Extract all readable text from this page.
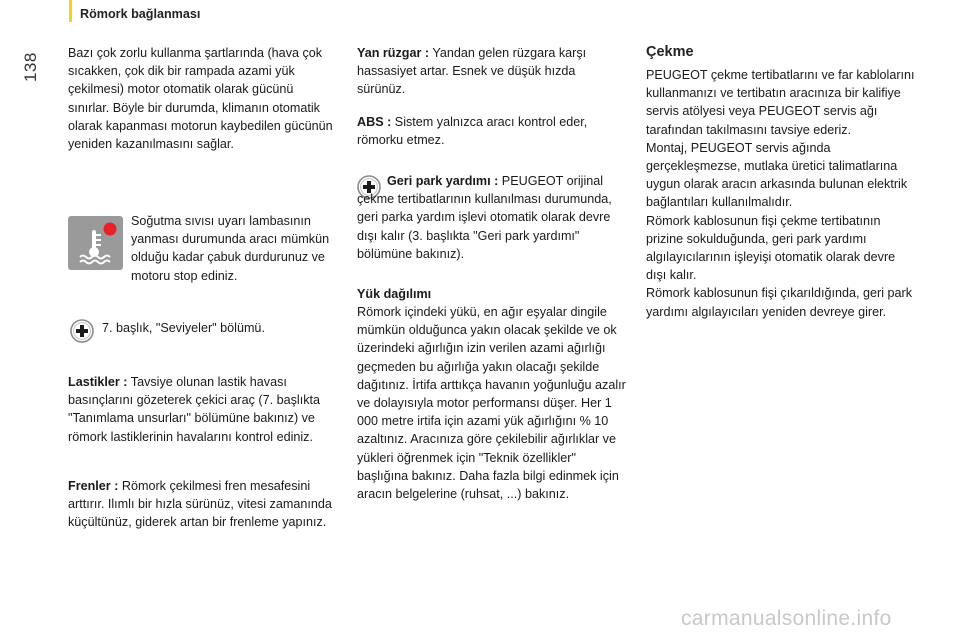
Römork bağlanması
138 Bazı çok zorlu kullanma şartlarında (hava çok sıcakken, çok dik bir rampada azami yük çekilmesi) motor otomatik olarak gücünü sınırlar. Böyle bir durumda, klimanın otomatik olarak kapanması motorun kaybedilen gücünün yeniden kazanılmasını sağlar.

Soğutma sıvısı uyarı lambasının yanması durumunda aracı mümkün olduğu kadar çabuk durdurunuz ve motoru stop ediniz.

7. başlık, "Seviyeler" bölümü.

Lastikler : Tavsiye olunan lastik havası basınçlarını gözeterek çekici araç (7. başlıkta "Tanımlama unsurları" bölümüne bakınız) ve römork lastiklerinin havalarını kontrol ediniz.

Frenler : Römork çekilmesi fren mesafesini arttırır. Ilımlı bir hızla sürünüz, vitesi zamanında küçültünüz, giderek artan bir frenleme yapınız.

Yan rüzgar : Yandan gelen rüzgara karşı hassasiyet artar. Esnek ve düşük hızda sürünüz.

ABS : Sistem yalnızca aracı kontrol eder, römorku etmez.

Geri park yardımı : PEUGEOT orijinal çekme tertibatlarının kullanılması durumunda, geri parka yardım işlevi otomatik olarak devre dışı kalır (3. başlıkta "Geri park yardımı" bölümüne bakınız).

Yük dağılımı

Römork içindeki yükü, en ağır eşyalar dingile mümkün olduğunca yakın olacak şekilde ve ok üzerindeki ağırlığın izin verilen azami ağırlığı geçmeden bu ağırlığa yakın olacağı şekilde dağıtınız. İrtifa arttıkça havanın yoğunluğu azalır ve dolayısıyla motor performansı düşer. Her 1 000 metre irtifa için azami yük ağırlığını % 10 azaltınız. Aracınıza göre çekilebilir ağırlıklar ve yükleri öğrenmek için "Teknik özellikler" başlığına bakınız. Daha fazla bilgi edinmek için aracın belgelerine (ruhsat, ...) bakınız.

Çekme

PEUGEOT çekme tertibatlarını ve far kablolarını kullanmanızı ve tertibatın aracınıza bir kalifiye servis atölyesi veya PEUGEOT servis ağı tarafından takılmasını tavsiye ederiz.
Montaj, PEUGEOT servis ağında gerçekleşmezse, mutlaka üretici talimatlarına uygun olarak aracın arkasında bulunan elektrik bağlantıları kullanılmalıdır.
Römork kablosunun fişi çekme tertibatının prizine sokulduğunda, geri park yardımı algılayıcılarının işleyişi otomatik olarak devre dışı kalır.
Römork kablosunun fişi çıkarıldığında, geri park yardımı algılayıcıları yeniden devreye girer.

carmanualsonline.info
